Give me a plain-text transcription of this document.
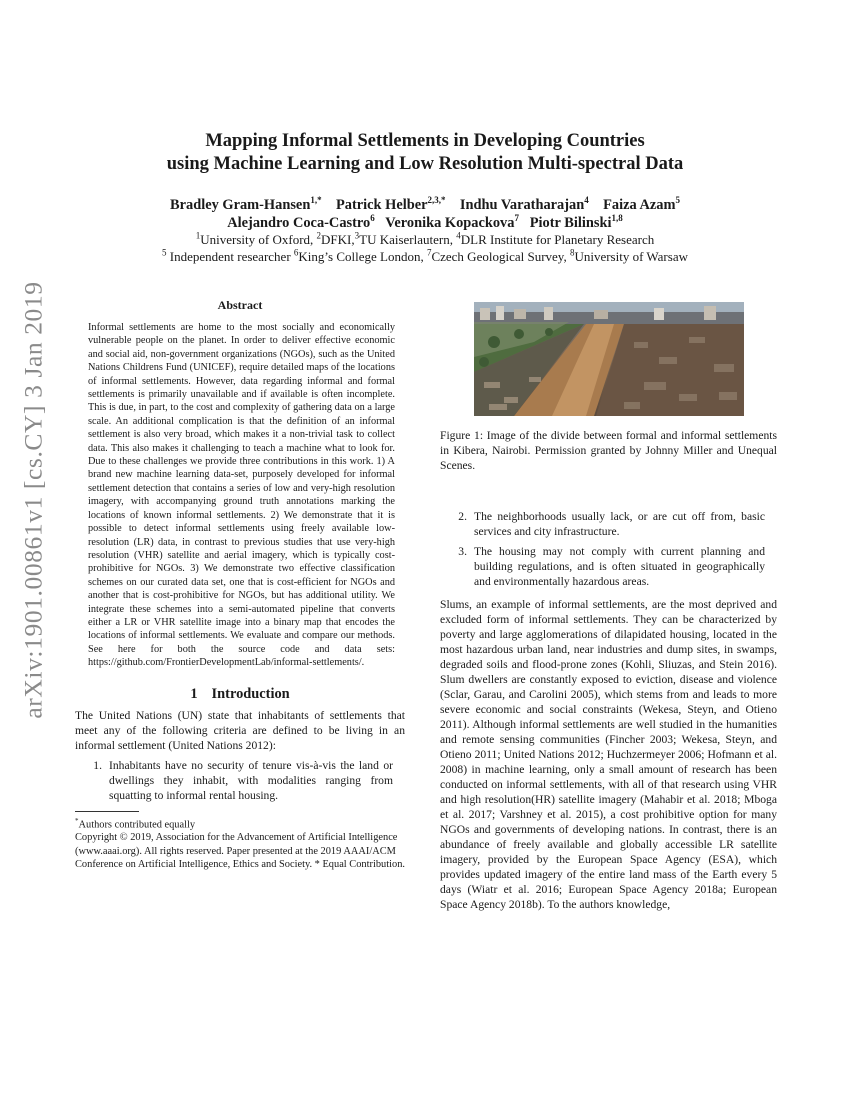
arXiv:1901.00861v1 [cs.CY] 3 Jan 2019
Mapping Informal Settlements in Developing Countries
using Machine Learning and Low Resolution Multi-spectral Data
Bradley Gram-Hansen$^{1,*}$ Patrick Helber$^{2,3,*}$ Indhu Varatharajan$^4$ Faiza Azam$^5$
Alejandro Coca-Castro$^6$ Veronika Kopackova$^7$ Piotr Bilinski$^{1,8}$
$^1$University of Oxford, $^2$DFKI,$^3$TU Kaiserlautern, $^4$DLR Institute for Planetary Research
$^5$ Independent researcher $^6$King’s College London, $^7$Czech Geological Survey, $^8$University of Warsaw
Abstract

Informal settlements are home to the most socially and economically vulnerable people on the planet. In order to deliver effective economic and social aid, non-government organizations (NGOs), such as the United Nations Childrens Fund (UNICEF), require detailed maps of the locations of informal settlements. However, data regarding informal and formal settlements is primarily unavailable and if available is often incomplete. This is due, in part, to the cost and complexity of gathering data on a large scale. An additional complication is that the definition of an informal settlement is also very broad, which makes it a non-trivial task to collect data. This also makes it challenging to teach a machine what to look for. Due to these challenges we provide three contributions in this work. 1) A brand new machine learning data-set, purposely developed for informal settlement detection that contains a series of low and very-high resolution imagery, with accompanying ground truth annotations marking the locations of known informal settlements. 2) We demonstrate that it is possible to detect informal settlements using freely available low-resolution (LR) data, in contrast to previous studies that use very-high resolution (VHR) satellite and aerial imagery, which is typically cost-prohibitive for NGOs. 3) We demonstrate two effective classification schemes on our curated data set, one that is cost-efficient for NGOs and another that is cost-prohibitive for NGOs, but has additional utility. We integrate these schemes into a semi-automated pipeline that converts either a LR or VHR satellite image into a binary map that encodes the locations of informal settlements. We evaluate and compare our methods. See here for both the source code and data sets: https://github.com/FrontierDevelopmentLab/informal-settlements/.

1 Introduction

The United Nations (UN) state that inhabitants of settlements that meet any of the following criteria are defined to be living in an informal settlement (United Nations 2012):

1. Inhabitants have no security of tenure vis-à-vis the land or dwellings they inhabit, with modalities ranging from squatting to informal rental housing.

*Authors contributed equally

Copyright © 2019, Association for the Advancement of Artificial Intelligence (www.aaai.org). All rights reserved. Paper presented at the 2019 AAAI/ACM Conference on Artificial Intelligence, Ethics and Society. * Equal Contribution.

Figure 1: Image of the divide between formal and informal settlements in Kibera, Nairobi. Permission granted by Johnny Miller and Unequal Scenes.

2. The neighborhoods usually lack, or are cut off from, basic services and city infrastructure.
3. The housing may not comply with current planning and building regulations, and is often situated in geographically and environmentally hazardous areas.

Slums, an example of informal settlements, are the most deprived and excluded form of informal settlements. They can be characterized by poverty and large agglomerations of dilapidated housing, located in the most hazardous urban land, near industries and dump sites, in swamps, degraded soils and flood-prone zones (Kohli, Sliuzas, and Stein 2016). Slum dwellers are constantly exposed to eviction, disease and violence (Sclar, Garau, and Carolini 2005), which stems from and leads to more severe economic and social constraints (Wekesa, Steyn, and Otieno 2011). Although informal settlements are well studied in the humanities and remote sensing communities (Fincher 2003; Wekesa, Steyn, and Otieno 2011; United Nations 2012; Huchzermeyer 2006; Hofmann et al. 2008) in machine learning, only a small amount of research has been conducted on informal settlements, with all of that research using VHR and high resolution(HR) satellite imagery (Mahabir et al. 2018; Mboga et al. 2017; Varshney et al. 2015), a cost prohibitive option for many NGOs and governments of developing nations. In contrast, there is an abundance of freely available and globally accessible LR satellite imagery, provided by the European Space Agency (ESA), which provides updated imagery of the entire land mass of the Earth every 5 days (Wiatr et al. 2016; European Space Agency 2018a; European Space Agency 2018b). To the authors knowledge,
